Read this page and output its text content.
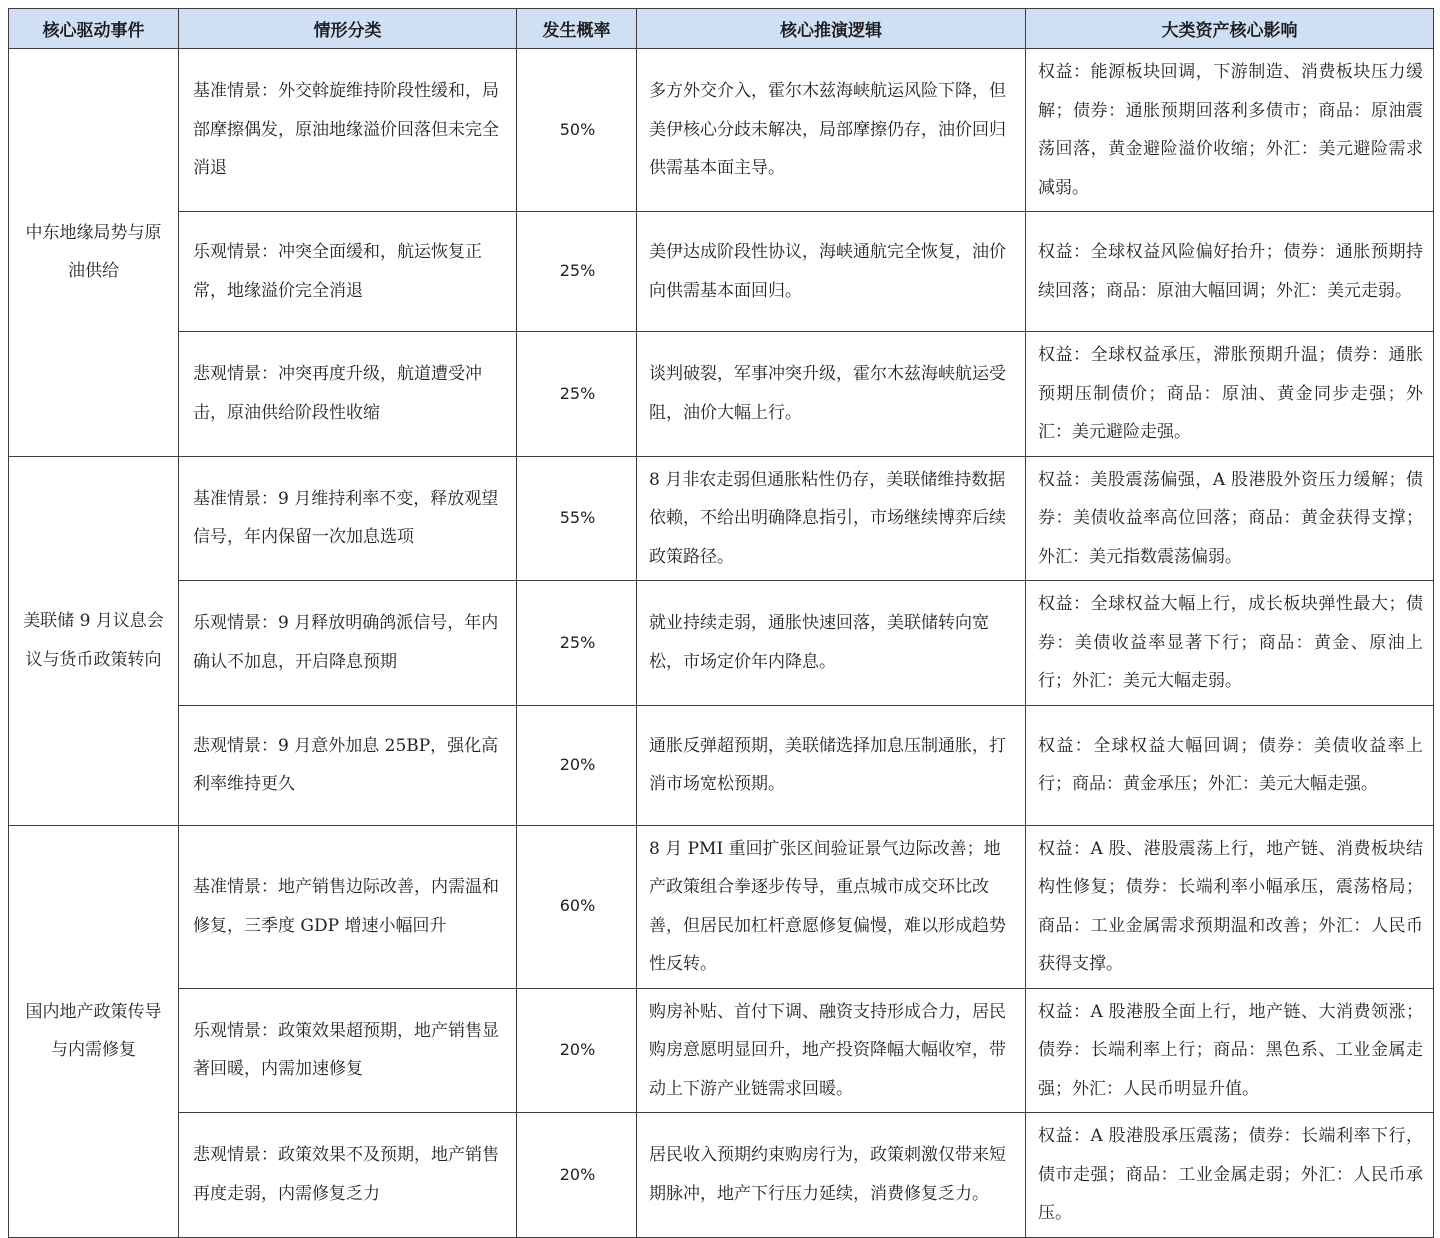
核心驱动事件	情形分类	发生概率	核心推演逻辑	大类资产核心影响
中东地缘局势与原油供给	基准情景：外交斡旋维持阶段性缓和，局部摩擦偶发，原油地缘溢价回落但未完全消退	50%	多方外交介入，霍尔木兹海峡航运风险下降，但美伊核心分歧未解决，局部摩擦仍存，油价回归供需基本面主导。	权益：能源板块回调，下游制造、消费板块压力缓解；债券：通胀预期回落利多债市；商品：原油震荡回落，黄金避险溢价收缩；外汇：美元避险需求减弱。
	乐观情景：冲突全面缓和，航运恢复正常，地缘溢价完全消退	25%	美伊达成阶段性协议，海峡通航完全恢复，油价向供需基本面回归。	权益：全球权益风险偏好抬升；债券：通胀预期持续回落；商品：原油大幅回调；外汇：美元走弱。
	悲观情景：冲突再度升级，航道遭受冲击，原油供给阶段性收缩	25%	谈判破裂，军事冲突升级，霍尔木兹海峡航运受阻，油价大幅上行。	权益：全球权益承压，滞胀预期升温；债券：通胀预期压制债价；商品：原油、黄金同步走强；外汇：美元避险走强。
美联储 9 月议息会议与货币政策转向	基准情景：9 月维持利率不变，释放观望信号，年内保留一次加息选项	55%	8 月非农走弱但通胀粘性仍存，美联储维持数据依赖，不给出明确降息指引，市场继续博弈后续政策路径。	权益：美股震荡偏强，A 股港股外资压力缓解；债券：美债收益率高位回落；商品：黄金获得支撑；外汇：美元指数震荡偏弱。
	乐观情景：9 月释放明确鸽派信号，年内确认不加息，开启降息预期	25%	就业持续走弱，通胀快速回落，美联储转向宽松，市场定价年内降息。	权益：全球权益大幅上行，成长板块弹性最大；债券：美债收益率显著下行；商品：黄金、原油上行；外汇：美元大幅走弱。
	悲观情景：9 月意外加息 25BP，强化高利率维持更久	20%	通胀反弹超预期，美联储选择加息压制通胀，打消市场宽松预期。	权益：全球权益大幅回调；债券：美债收益率上行；商品：黄金承压；外汇：美元大幅走强。
国内地产政策传导与内需修复	基准情景：地产销售边际改善，内需温和修复，三季度 GDP 增速小幅回升	60%	8 月 PMI 重回扩张区间验证景气边际改善；地产政策组合拳逐步传导，重点城市成交环比改善，但居民加杠杆意愿修复偏慢，难以形成趋势性反转。	权益：A 股、港股震荡上行，地产链、消费板块结构性修复；债券：长端利率小幅承压，震荡格局；商品：工业金属需求预期温和改善；外汇：人民币获得支撑。
	乐观情景：政策效果超预期，地产销售显著回暖，内需加速修复	20%	购房补贴、首付下调、融资支持形成合力，居民购房意愿明显回升，地产投资降幅大幅收窄，带动上下游产业链需求回暖。	权益：A 股港股全面上行，地产链、大消费领涨；债券：长端利率上行；商品：黑色系、工业金属走强；外汇：人民币明显升值。
	悲观情景：政策效果不及预期，地产销售再度走弱，内需修复乏力	20%	居民收入预期约束购房行为，政策刺激仅带来短期脉冲，地产下行压力延续，消费修复乏力。	权益：A 股港股承压震荡；债券：长端利率下行，债市走强；商品：工业金属走弱；外汇：人民币承压。
